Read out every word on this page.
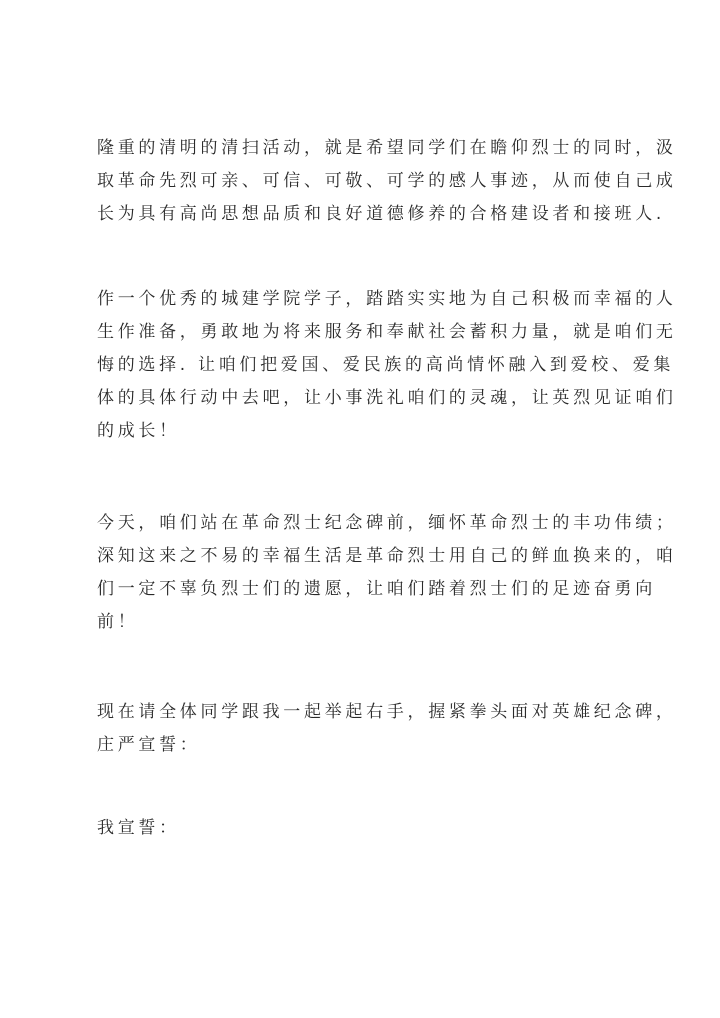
隆重的清明的清扫活动，就是希望同学们在瞻仰烈士的同时，汲
取革命先烈可亲、可信、可敬、可学的感人事迹，从而使自己成
长为具有高尚思想品质和良好道德修养的合格建设者和接班人.
作一个优秀的城建学院学子，踏踏实实地为自己积极而幸福的人
生作准备，勇敢地为将来服务和奉献社会蓄积力量，就是咱们无
悔的选择. 让咱们把爱国、爱民族的高尚情怀融入到爱校、爱集
体的具体行动中去吧，让小事洗礼咱们的灵魂，让英烈见证咱们
的成长！
今天，咱们站在革命烈士纪念碑前，缅怀革命烈士的丰功伟绩；
深知这来之不易的幸福生活是革命烈士用自己的鲜血换来的，咱
们一定不辜负烈士们的遗愿，让咱们踏着烈士们的足迹奋勇向
前！
现在请全体同学跟我一起举起右手，握紧拳头面对英雄纪念碑，
庄严宣誓：
我宣誓：
